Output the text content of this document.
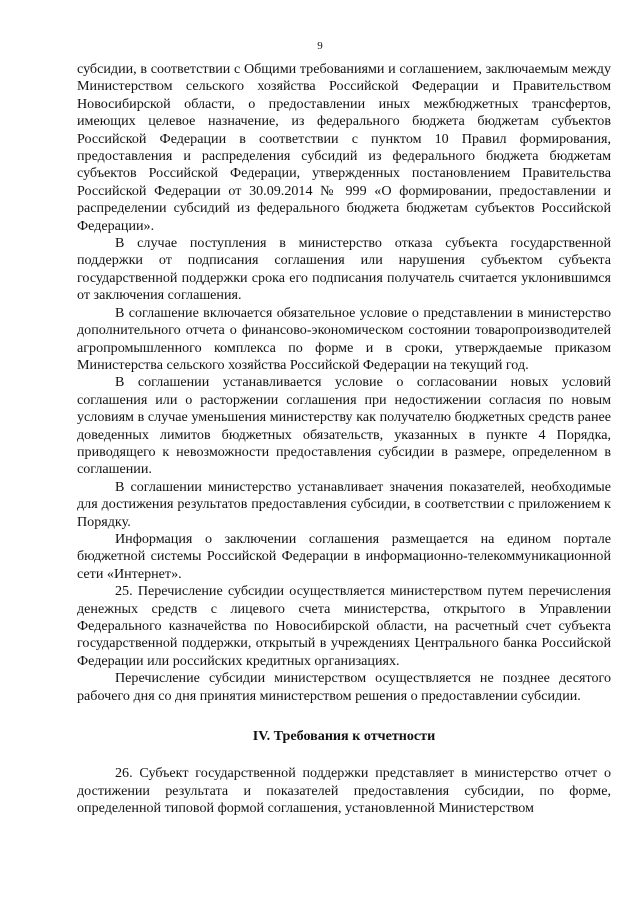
9

субсидии, в соответствии с Общими требованиями и соглашением, заключаемым между Министерством сельского хозяйства Российской Федерации и Правительством Новосибирской области, о предоставлении иных межбюджетных трансфертов, имеющих целевое назначение, из федерального бюджета бюджетам субъектов Российской Федерации в соответствии с пунктом 10 Правил формирования, предоставления и распределения субсидий из федерального бюджета бюджетам субъектов Российской Федерации, утвержденных постановлением Правительства Российской Федерации от 30.09.2014 № 999 «О формировании, предоставлении и распределении субсидий из федерального бюджета бюджетам субъектов Российской Федерации».

В случае поступления в министерство отказа субъекта государственной поддержки от подписания соглашения или нарушения субъектом субъекта государственной поддержки срока его подписания получатель считается уклонившимся от заключения соглашения.

В соглашение включается обязательное условие о представлении в министерство дополнительного отчета о финансово-экономическом состоянии товаропроизводителей агропромышленного комплекса по форме и в сроки, утверждаемые приказом Министерства сельского хозяйства Российской Федерации на текущий год.

В соглашении устанавливается условие о согласовании новых условий соглашения или о расторжении соглашения при недостижении согласия по новым условиям в случае уменьшения министерству как получателю бюджетных средств ранее доведенных лимитов бюджетных обязательств, указанных в пункте 4 Порядка, приводящего к невозможности предоставления субсидии в размере, определенном в соглашении.

В соглашении министерство устанавливает значения показателей, необходимые для достижения результатов предоставления субсидии, в соответствии с приложением к Порядку.

Информация о заключении соглашения размещается на едином портале бюджетной системы Российской Федерации в информационно-телекоммуникационной сети «Интернет».

25. Перечисление субсидии осуществляется министерством путем перечисления денежных средств с лицевого счета министерства, открытого в Управлении Федерального казначейства по Новосибирской области, на расчетный счет субъекта государственной поддержки, открытый в учреждениях Центрального банка Российской Федерации или российских кредитных организациях.

Перечисление субсидии министерством осуществляется не позднее десятого рабочего дня со дня принятия министерством решения о предоставлении субсидии.

IV. Требования к отчетности

26. Субъект государственной поддержки представляет в министерство отчет о достижении результата и показателей предоставления субсидии, по форме, определенной типовой формой соглашения, установленной Министерством
